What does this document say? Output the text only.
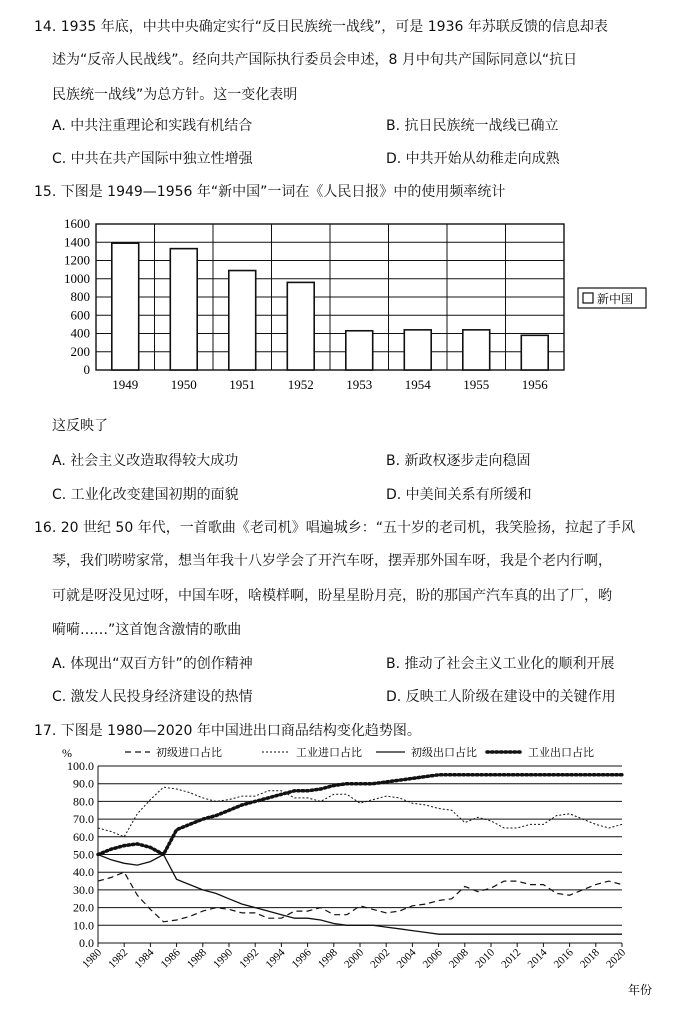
14. 1935 年底，中共中央确定实行“反日民族统一战线”，可是 1936 年苏联反馈的信息却表
述为“反帝人民战线”。经向共产国际执行委员会申述，8 月中旬共产国际同意以“抗日
民族统一战线”为总方针。这一变化表明
A. 中共注重理论和实践有机结合	B. 抗日民族统一战线已确立
C. 中共在共产国际中独立性增强	D. 中共开始从幼稚走向成熟
15. 下图是 1949—1956 年“新中国”一词在《人民日报》中的使用频率统计
0
200
400
600
800
1000
1200
1400
1600
1949	1950	1951	1952	1953	1954	1955	1956
新中国
这反映了
A. 社会主义改造取得较大成功	B. 新政权逐步走向稳固
C. 工业化改变建国初期的面貌	D. 中美间关系有所缓和
16. 20 世纪 50 年代，一首歌曲《老司机》唱遍城乡：“五十岁的老司机，我笑脸扬，拉起了手风
琴，我们唠唠家常，想当年我十八岁学会了开汽车呀，摆弄那外国车呀，我是个老内行啊，
可就是呀没见过呀，中国车呀，啥模样啊，盼星星盼月亮，盼的那国产汽车真的出了厂，哟
嗬嗬……”这首饱含激情的歌曲
A. 体现出“双百方针”的创作精神	B. 推动了社会主义工业化的顺利开展
C. 激发人民投身经济建设的热情	D. 反映工人阶级在建设中的关键作用
17. 下图是 1980—2020 年中国进出口商品结构变化趋势图。
初级进口占比	工业进口占比	初级出口占比	工业出口占比
%
0.0
10.0
20.0
30.0
40.0
50.0
60.0
70.0
80.0
90.0
100.0
1980 1982 1984 1986 1988 1990 1992 1994 1996 1998 2000 2002 2004 2006 2008 2010 2012 2014 2016 2018 2020
年份
